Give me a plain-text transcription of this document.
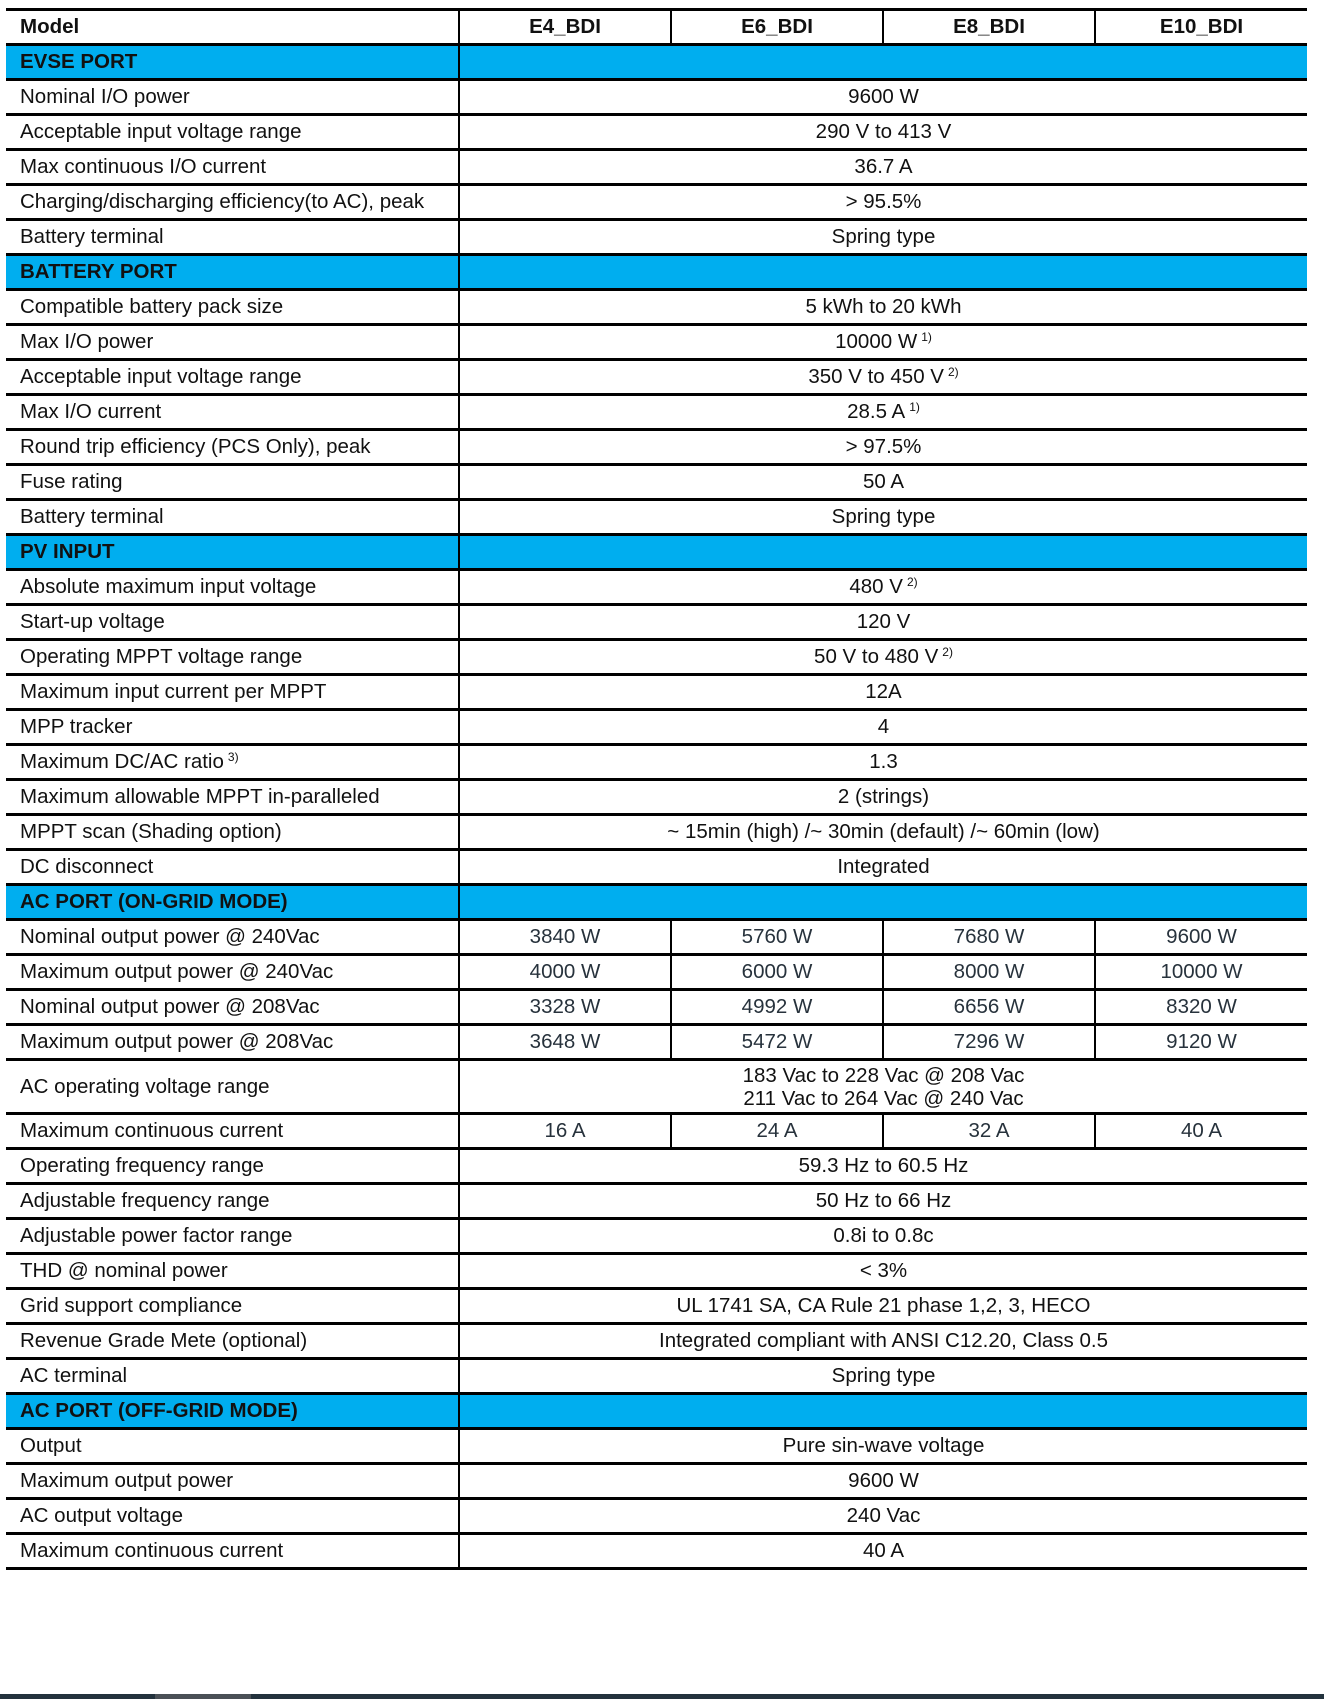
Model	E4_BDI	E6_BDI	E8_BDI	E10_BDI
EVSE PORT				
Nominal I/O power	9600 W			
Acceptable input voltage range	290 V to 413 V			
Max continuous I/O current	36.7 A			
Charging/discharging efficiency(to AC), peak	> 95.5%			
Battery terminal	Spring type			
BATTERY PORT				
Compatible battery pack size	5 kWh to 20 kWh			
Max I/O power	10000 W $^{1)}$
Acceptable input voltage range	350 V to 450 V $^{2)}$
Max I/O current	28.5 A $^{1)}$
Round trip efficiency (PCS Only), peak	> 97.5%			
Fuse rating	50 A			
Battery terminal	Spring type			
PV INPUT				
Absolute maximum input voltage	480 V $^{2)}$
Start-up voltage	120 V			
Operating MPPT voltage range	50 V to 480 V $^{2)}$
Maximum input current per MPPT	12A			
MPP tracker	4			
Maximum DC/AC ratio $^{3)}$	1.3			
Maximum allowable MPPT in-paralleled	2 (strings)			
MPPT scan (Shading option)	~ 15min (high) /~ 30min (default) /~ 60min (low)			
DC disconnect	Integrated			
AC PORT (ON-GRID MODE)				
Nominal output power @ 240Vac	3840 W	5760 W	7680 W	9600 W
Maximum output power @ 240Vac	4000 W	6000 W	8000 W	10000 W
Nominal output power @ 208Vac	3328 W	4992 W	6656 W	8320 W
Maximum output power @ 208Vac	3648 W	5472 W	7296 W	9120 W
AC operating voltage range	183 Vac to 228 Vac @ 208 Vac
211 Vac to 264 Vac @ 240 Vac			

Maximum continuous current	16 A	24 A	32 A	40 A
Operating frequency range	59.3 Hz to 60.5 Hz			
Adjustable frequency range	50 Hz to 66 Hz			
Adjustable power factor range	0.8i to 0.8c			
THD @ nominal power	< 3%			
Grid support compliance	UL 1741 SA, CA Rule 21 phase 1,2, 3, HECO			
Revenue Grade Mete (optional)	Integrated compliant with ANSI C12.20, Class 0.5			
AC terminal	Spring type			
AC PORT (OFF-GRID MODE)				
Output	Pure sin-wave voltage			
Maximum output power	9600 W			
AC output voltage	240 Vac			
Maximum continuous current	40 A			
